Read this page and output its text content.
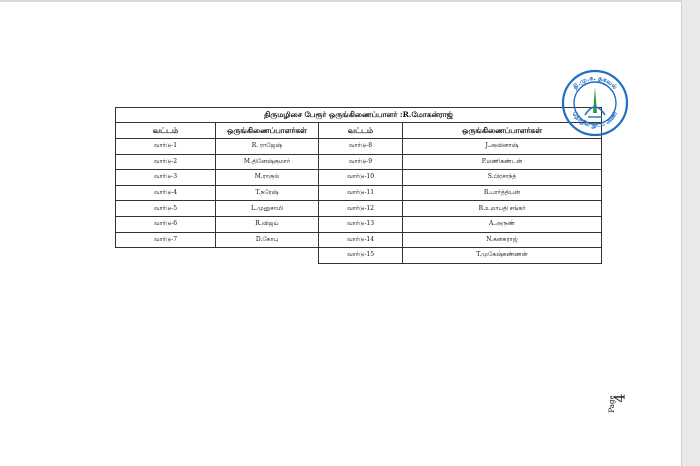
திருமழிசை பேரூர் ஒருங்கிணைப்பாளர் :R.மோகன்ராஜ்			
வட்டம்	ஒருங்கிணைப்பாளர்கள்	வட்டம்	ஒருங்கிணைப்பாளர்கள்
வார்டு-1	R. ராஜேஷ்	வார்டு-8	J.அவினாஷ்
வார்டு-2	M.தினேஷ்குமார்	வார்டு-9	P.மணிகண்டன்
வார்டு-3	M.ராகுல்	வார்டு-10	S.பிரசாந்த்
வார்டு-4	T.நரேஷ்	வார்டு-11	R.பார்த்திபன்
வார்டு-5	L.முனுசாமி	வார்டு-12	R.உமாபதி சங்கர்
வார்டு-6	R.விஜய்	வார்டு-13	A.அருண்
வார்டு-7	D.கோபு	வார்டு-14	N.கனகராஜ்
		வார்டு-15	T.முகேஷ்கண்ணன்
தி.மு.க. தகவல்
தொழில் நுட்ப அணி
Page
4
